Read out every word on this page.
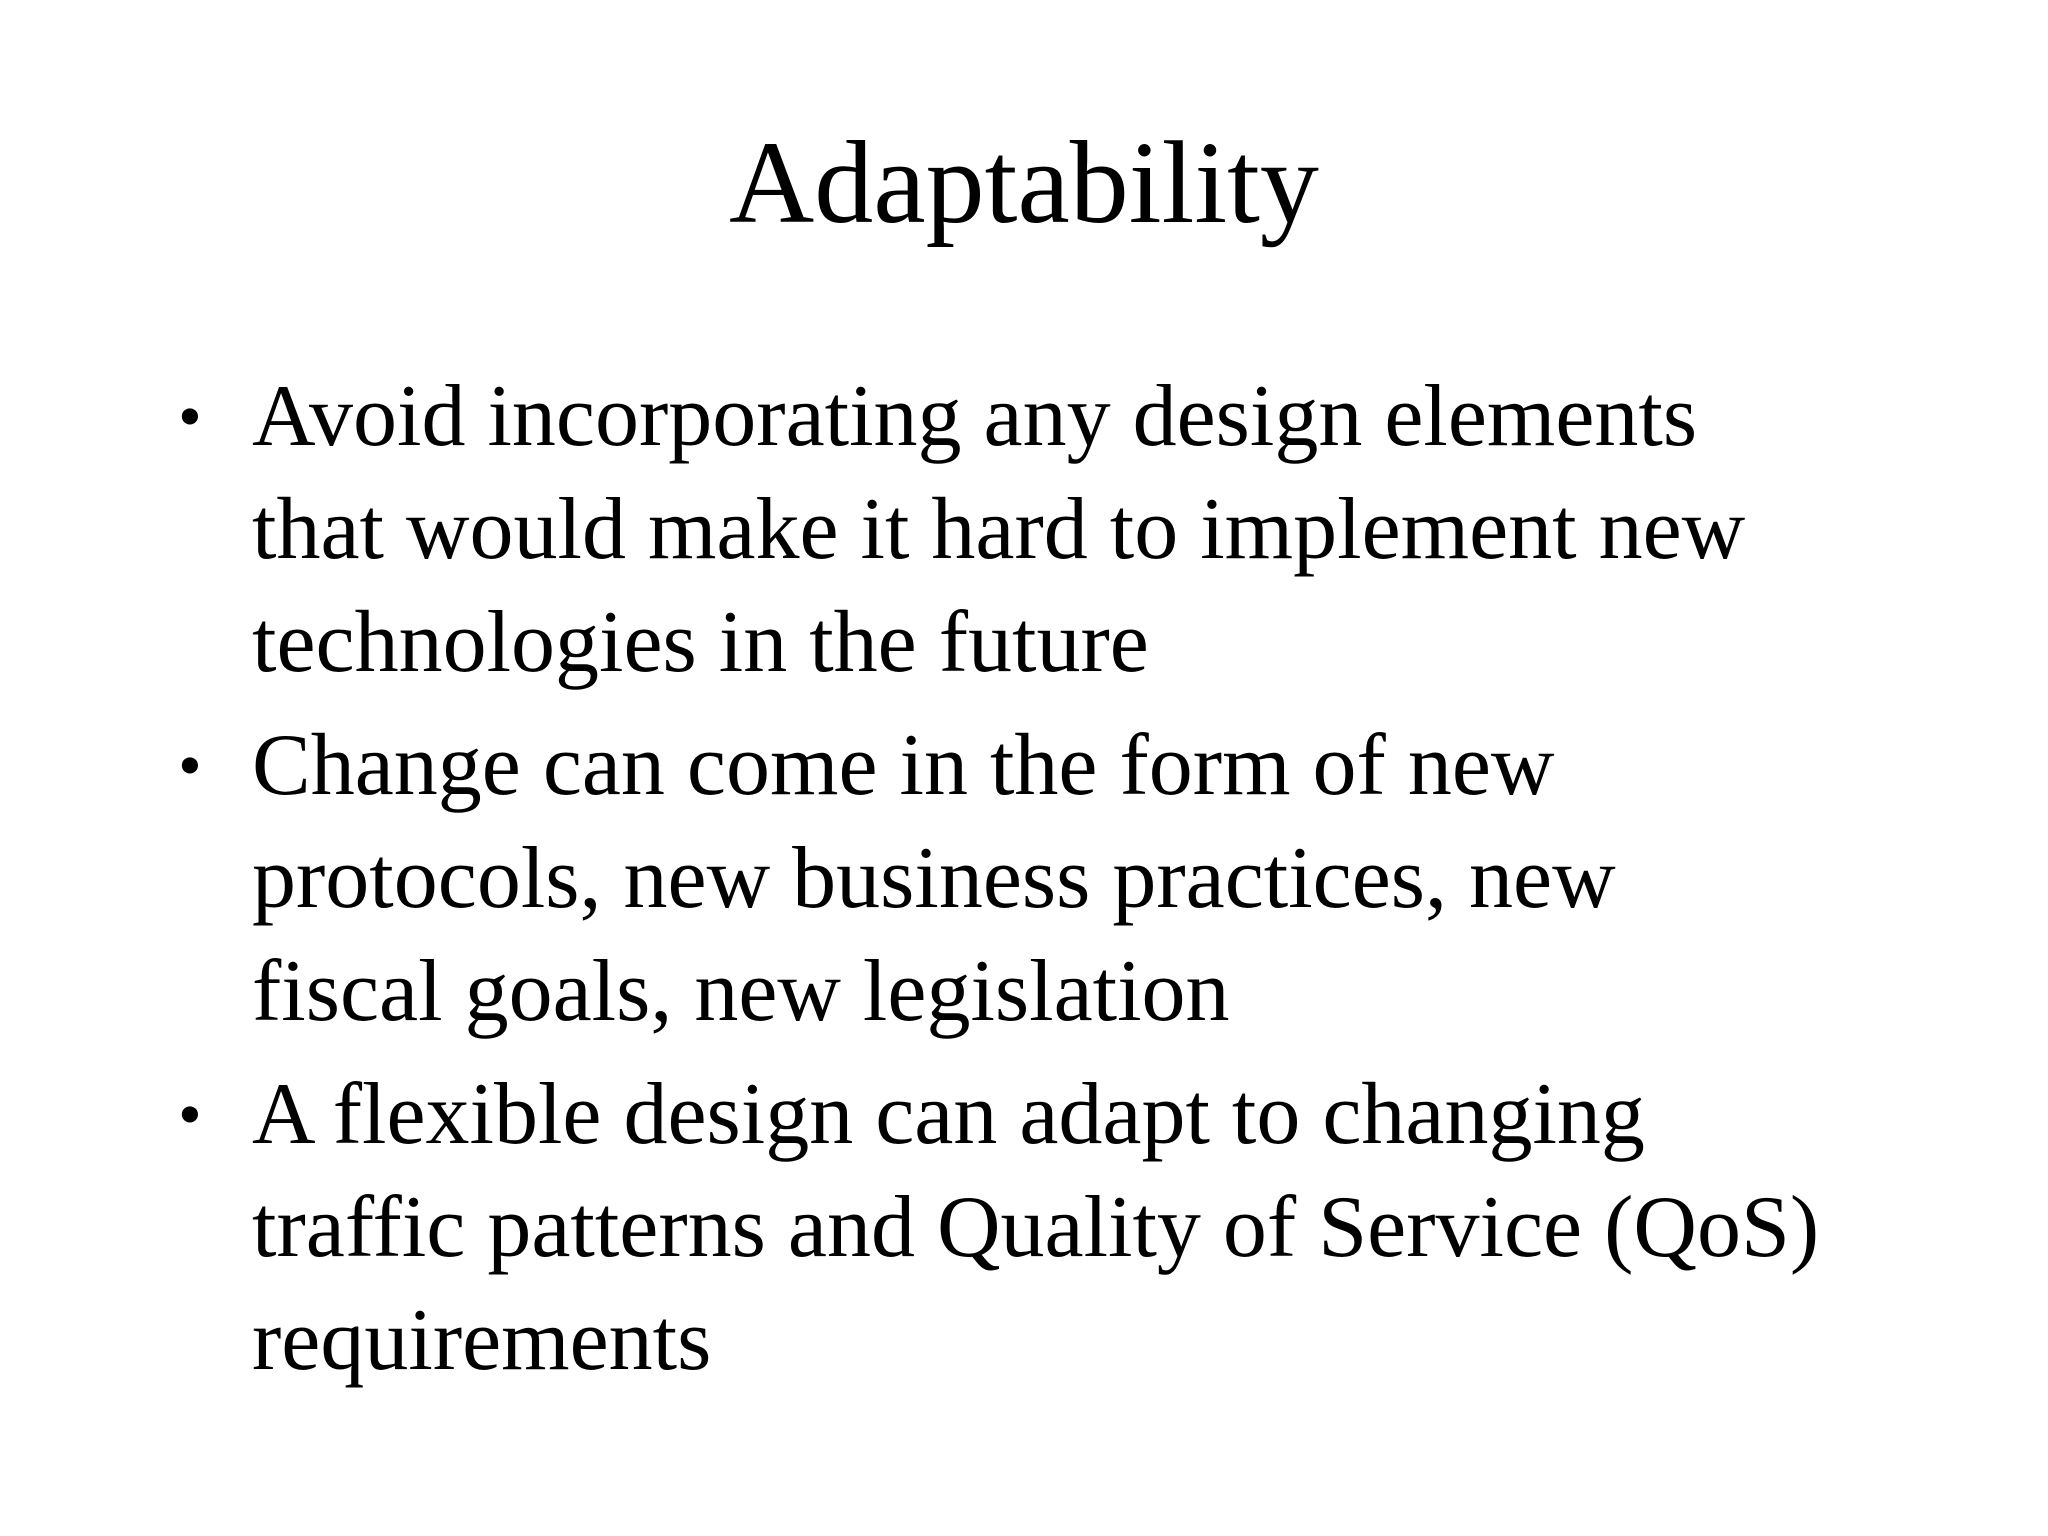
Adaptability
• Avoid incorporating any design elements
that would make it hard to implement new
technologies in the future
• Change can come in the form of new
protocols, new business practices, new
fiscal goals, new legislation
• A flexible design can adapt to changing
traffic patterns and Quality of Service (QoS)
requirements
